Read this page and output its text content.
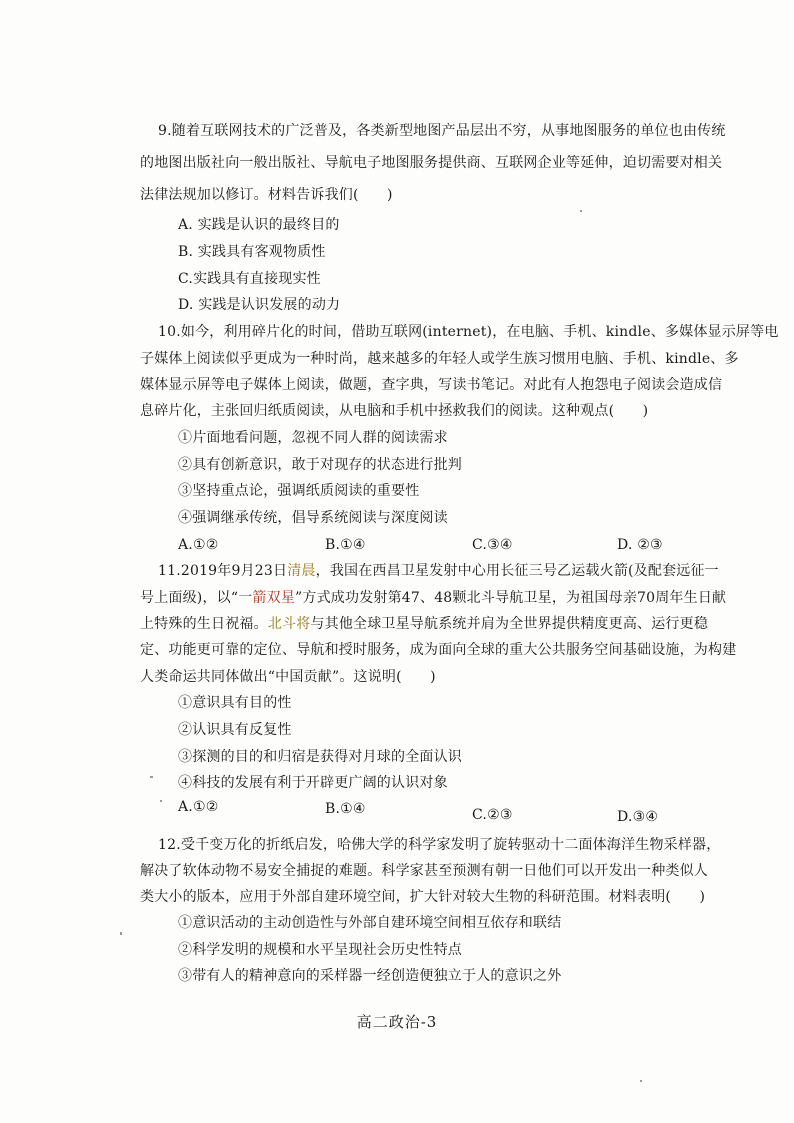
9.随着互联网技术的广泛普及，各类新型地图产品层出不穷，从事地图服务的单位也由传统
的地图出版社向一般出版社、导航电子地图服务提供商、互联网企业等延伸，迫切需要对相关
法律法规加以修订。材料告诉我们(　　)
A. 实践是认识的最终目的
B. 实践具有客观物质性
C.实践具有直接现实性
D. 实践是认识发展的动力
10.如今，利用碎片化的时间，借助互联网(internet)，在电脑、手机、kindle、多媒体显示屏等电
子媒体上阅读似乎更成为一种时尚，越来越多的年轻人或学生族习惯用电脑、手机、kindle、多
媒体显示屏等电子媒体上阅读，做题，查字典，写读书笔记。对此有人抱怨电子阅读会造成信
息碎片化，主张回归纸质阅读，从电脑和手机中拯救我们的阅读。这种观点(　　)
①片面地看问题，忽视不同人群的阅读需求
②具有创新意识，敢于对现存的状态进行批判
③坚持重点论，强调纸质阅读的重要性
④强调继承传统，倡导系统阅读与深度阅读
A.①②	B.①④	C.③④	D. ②③
11.2019年9月23日清晨，我国在西昌卫星发射中心用长征三号乙运载火箭(及配套远征一
号上面级)，以“一箭双星”方式成功发射第47、48颗北斗导航卫星，为祖国母亲70周年生日献
上特殊的生日祝福。北斗将与其他全球卫星导航系统并肩为全世界提供精度更高、运行更稳
定、功能更可靠的定位、导航和授时服务，成为面向全球的重大公共服务空间基础设施，为构建
人类命运共同体做出“中国贡献”。这说明(　　)
①意识具有目的性
②认识具有反复性
③探测的目的和归宿是获得对月球的全面认识
④科技的发展有利于开辟更广阔的认识对象
A.①②	B.①④	C.②③	D.③④
12.受千变万化的折纸启发，哈佛大学的科学家发明了旋转驱动十二面体海洋生物采样器，
解决了软体动物不易安全捕捉的难题。科学家甚至预测有朝一日他们可以开发出一种类似人
类大小的版本，应用于外部自建环境空间，扩大针对较大生物的科研范围。材料表明(　　)
①意识活动的主动创造性与外部自建环境空间相互依存和联结
②科学发明的规模和水平呈现社会历史性特点
③带有人的精神意向的采样器一经创造便独立于人的意识之外
高二政治-3
